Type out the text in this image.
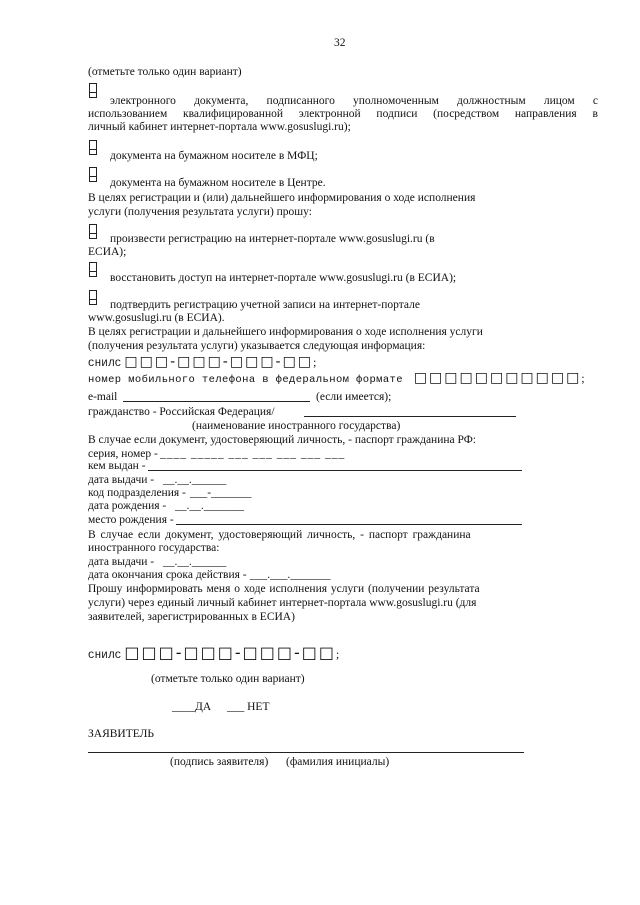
32
(отметьте только один вариант)
электронного документа, подписанного уполномоченным должностным лицом с
использованием квалифицированной электронной подписи (посредством направления в
личный кабинет интернет-портала www.gosuslugi.ru);
документа на бумажном носителе в МФЦ;
документа на бумажном носителе в Центре.
В целях регистрации и (или) дальнейшего информирования о ходе исполнения
услуги (получения результата услуги) прошу:
произвести регистрацию на интернет-портале www.gosuslugi.ru (в
ЕСИА);
восстановить доступ на интернет-портале www.gosuslugi.ru (в ЕСИА);
подтвердить регистрацию учетной записи на интернет-портале
www.gosuslugi.ru (в ЕСИА).
В целях регистрации и дальнейшего информирования о ходе исполнения услуги
(получения результата услуги) указывается следующая информация:
СНИЛС □□□-□□□-□□□-□□;
номер мобильного телефона в федеральном формате □□□□□□□□□□□;
e-mail	(если имеется);
гражданство - Российская Федерация/
(наименование иностранного государства)
В случае если документ, удостоверяющий личность, - паспорт гражданина РФ:
серия, номер - ____ _____ ___ ___ ___ ___ ___
кем выдан -
дата выдачи - __.__.______
код подразделения - ___-_______
дата рождения - __.__._______
место рождения -
В случае если документ, удостоверяющий личность, - паспорт гражданина
иностранного государства:
дата выдачи - __.__.______
дата окончания срока действия - ___.___._______
Прошу информировать меня о ходе исполнения услуги (получении результата
услуги) через единый личный кабинет интернет-портала www.gosuslugi.ru (для
заявителей, зарегистрированных в ЕСИА)
СНИЛС □□□-□□□-□□□-□□;
(отметьте только один вариант)
____ДА ___ НЕТ
ЗАЯВИТЕЛЬ
(подпись заявителя) (фамилия инициалы)
